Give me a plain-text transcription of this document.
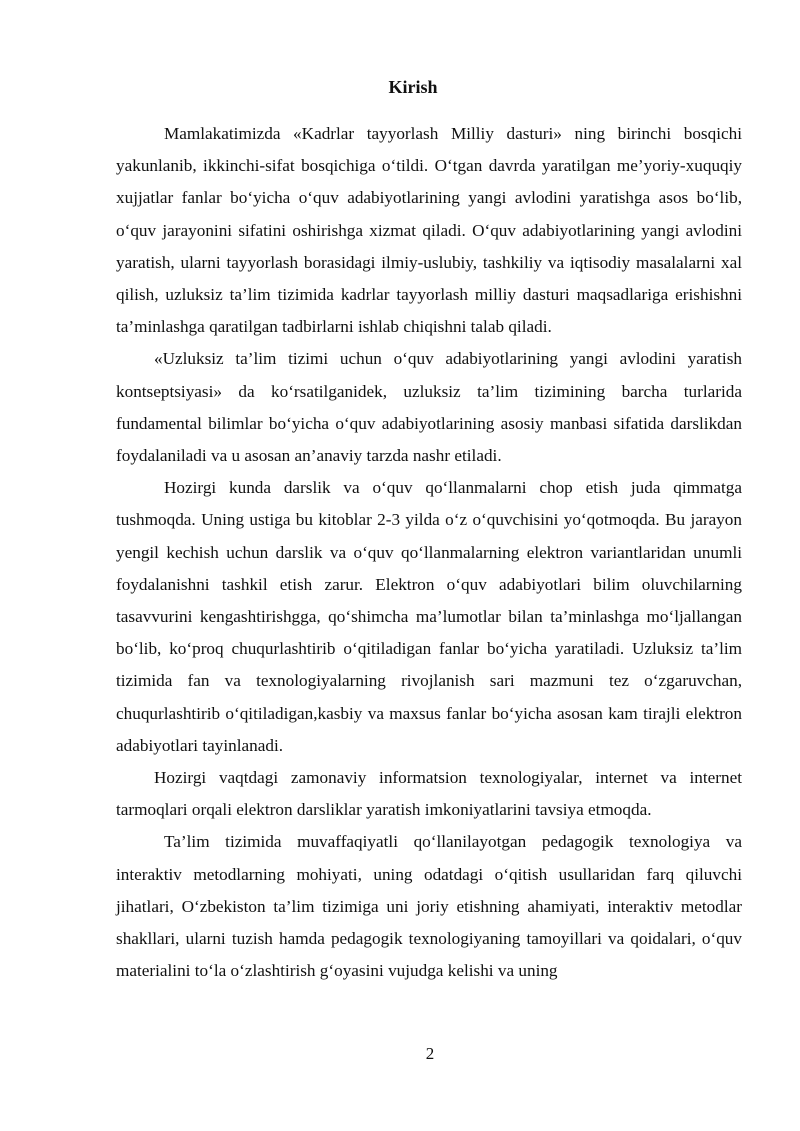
Kirish

Mamlakatimizda «Kadrlar tayyorlash Milliy dasturi» ning birinchi bosqichi yakunlanib, ikkinchi-sifat bosqichiga o‘tildi. O‘tgan davrda yaratilgan me’yoriy-xuquqiy xujjatlar fanlar bo‘yicha o‘quv adabiyotlarining yangi avlodini yaratishga asos bo‘lib, o‘quv jarayonini sifatini oshirishga xizmat qiladi. O‘quv adabiyotlarining yangi avlodini yaratish, ularni tayyorlash borasidagi ilmiy-uslubiy, tashkiliy va iqtisodiy masalalarni xal qilish, uzluksiz ta’lim tizimida kadrlar tayyorlash milliy dasturi maqsadlariga erishishni ta’minlashga qaratilgan tadbirlarni ishlab chiqishni talab qiladi.

«Uzluksiz ta’lim tizimi uchun o‘quv adabiyotlarining yangi avlodini yaratish kontseptsiyasi» da ko‘rsatilganidek, uzluksiz ta’lim tizimining barcha turlarida fundamental bilimlar bo‘yicha o‘quv adabiyotlarining asosiy manbasi sifatida darslikdan foydalaniladi va u asosan an’anaviy tarzda nashr etiladi.

Hozirgi kunda darslik va o‘quv qo‘llanmalarni chop etish juda qimmatga tushmoqda. Uning ustiga bu kitoblar 2-3 yilda o‘z o‘quvchisini yo‘qotmoqda. Bu jarayon yengil kechish uchun darslik va o‘quv qo‘llanmalarning elektron variantlaridan unumli foydalanishni tashkil etish zarur. Elektron o‘quv adabiyotlari bilim oluvchilarning tasavvurini kengashtirishgga, qo‘shimcha ma’lumotlar bilan ta’minlashga mo‘ljallangan bo‘lib, ko‘proq chuqurlashtirib o‘qitiladigan fanlar bo‘yicha yaratiladi. Uzluksiz ta’lim tizimida fan va texnologiyalarning rivojlanish sari mazmuni tez o‘zgaruvchan, chuqurlashtirib o‘qitiladigan,kasbiy va maxsus fanlar bo‘yicha asosan kam tirajli elektron adabiyotlari tayinlanadi.

Hozirgi vaqtdagi zamonaviy informatsion texnologiyalar, internet va internet tarmoqlari orqali elektron darsliklar yaratish imkoniyatlarini tavsiya etmoqda.

Ta’lim tizimida muvaffaqiyatli qo‘llanilayotgan pedagogik texnologiya va interaktiv metodlarning mohiyati, uning odatdagi o‘qitish usullaridan farq qiluvchi jihatlari, O‘zbekiston ta’lim tizimiga uni joriy etishning ahamiyati, interaktiv metodlar shakllari, ularni tuzish hamda pedagogik texnologiyaning tamoyillari va qoidalari, o‘quv materialini to‘la o‘zlashtirish g‘oyasini vujudga kelishi va uning

2
